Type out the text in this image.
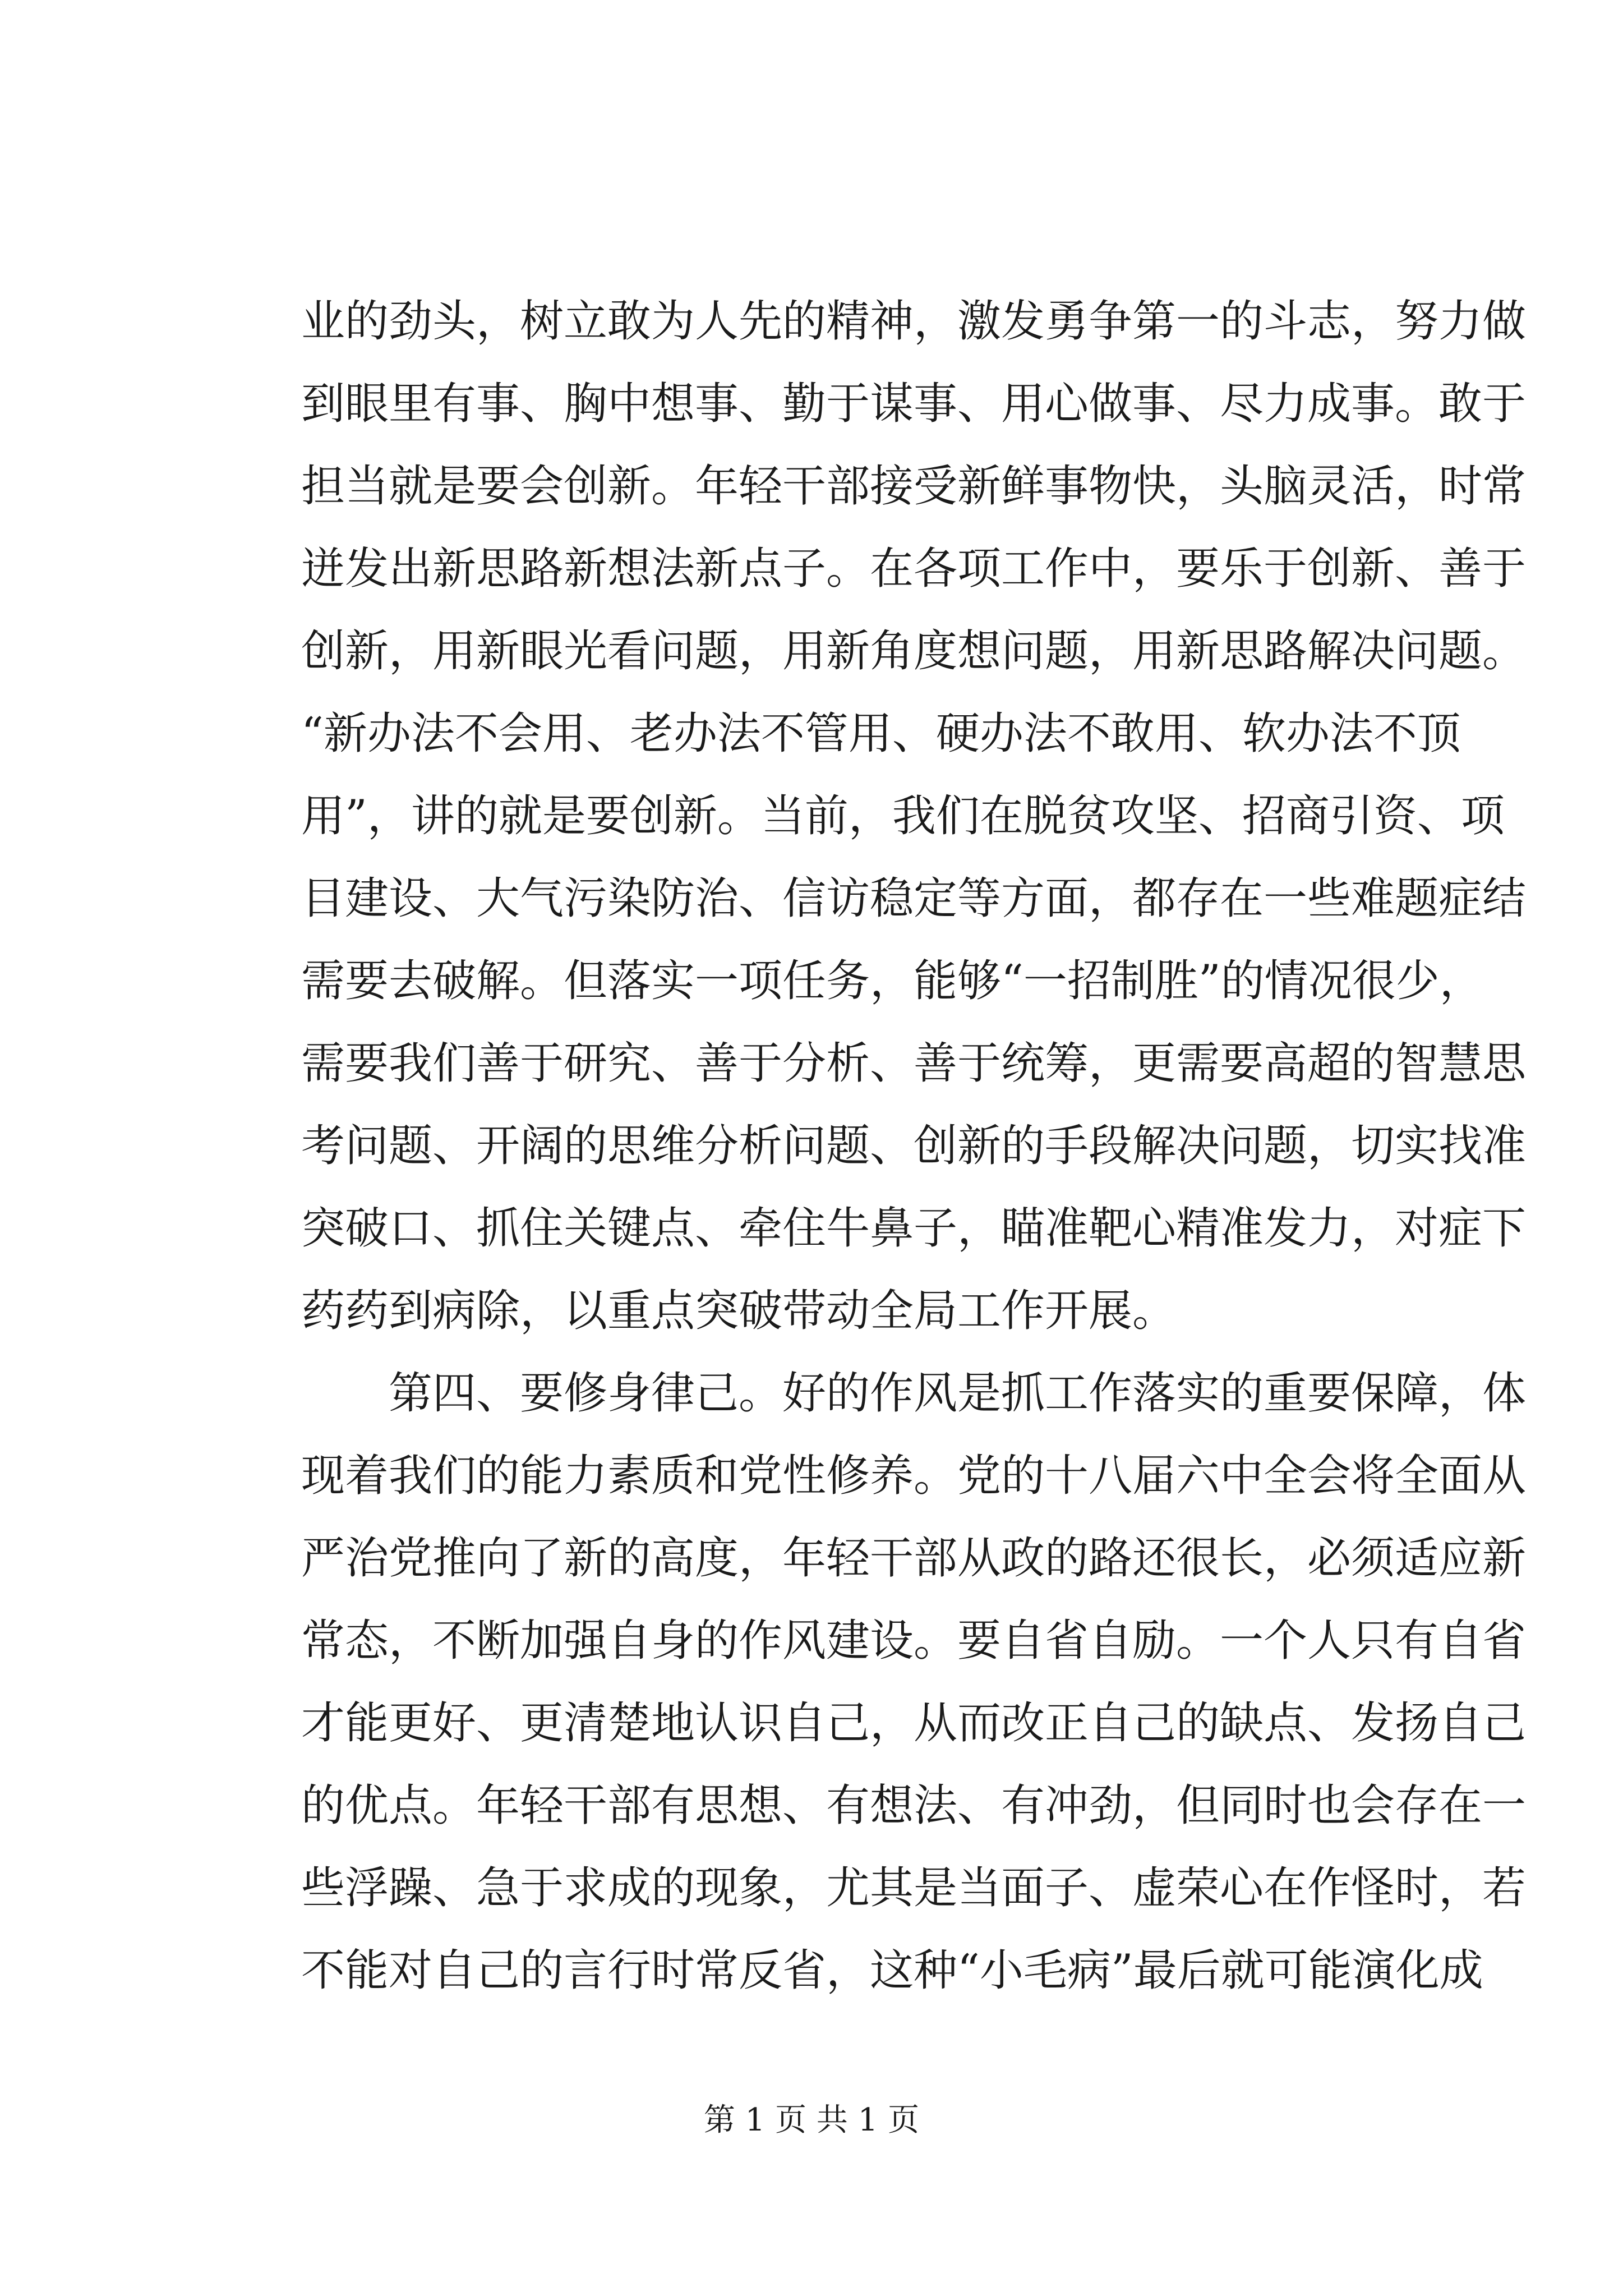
业的劲头，树立敢为人先的精神，激发勇争第一的斗志，努力做
到眼里有事、胸中想事、勤于谋事、用心做事、尽力成事。敢于
担当就是要会创新。年轻干部接受新鲜事物快，头脑灵活，时常
迸发出新思路新想法新点子。在各项工作中，要乐于创新、善于
创新，用新眼光看问题，用新角度想问题，用新思路解决问题。
“新办法不会用、老办法不管用、硬办法不敢用、软办法不顶
用”，讲的就是要创新。当前，我们在脱贫攻坚、招商引资、项
目建设、大气污染防治、信访稳定等方面，都存在一些难题症结
需要去破解。但落实一项任务，能够“一招制胜”的情况很少，
需要我们善于研究、善于分析、善于统筹，更需要高超的智慧思
考问题、开阔的思维分析问题、创新的手段解决问题，切实找准
突破口、抓住关键点、牵住牛鼻子，瞄准靶心精准发力，对症下
药药到病除，以重点突破带动全局工作开展。
第四、要修身律己。好的作风是抓工作落实的重要保障，体
现着我们的能力素质和党性修养。党的十八届六中全会将全面从
严治党推向了新的高度，年轻干部从政的路还很长，必须适应新
常态，不断加强自身的作风建设。要自省自励。一个人只有自省
才能更好、更清楚地认识自己，从而改正自己的缺点、发扬自己
的优点。年轻干部有思想、有想法、有冲劲，但同时也会存在一
些浮躁、急于求成的现象，尤其是当面子、虚荣心在作怪时，若
不能对自己的言行时常反省，这种“小毛病”最后就可能演化成
第 1 页 共 1 页
